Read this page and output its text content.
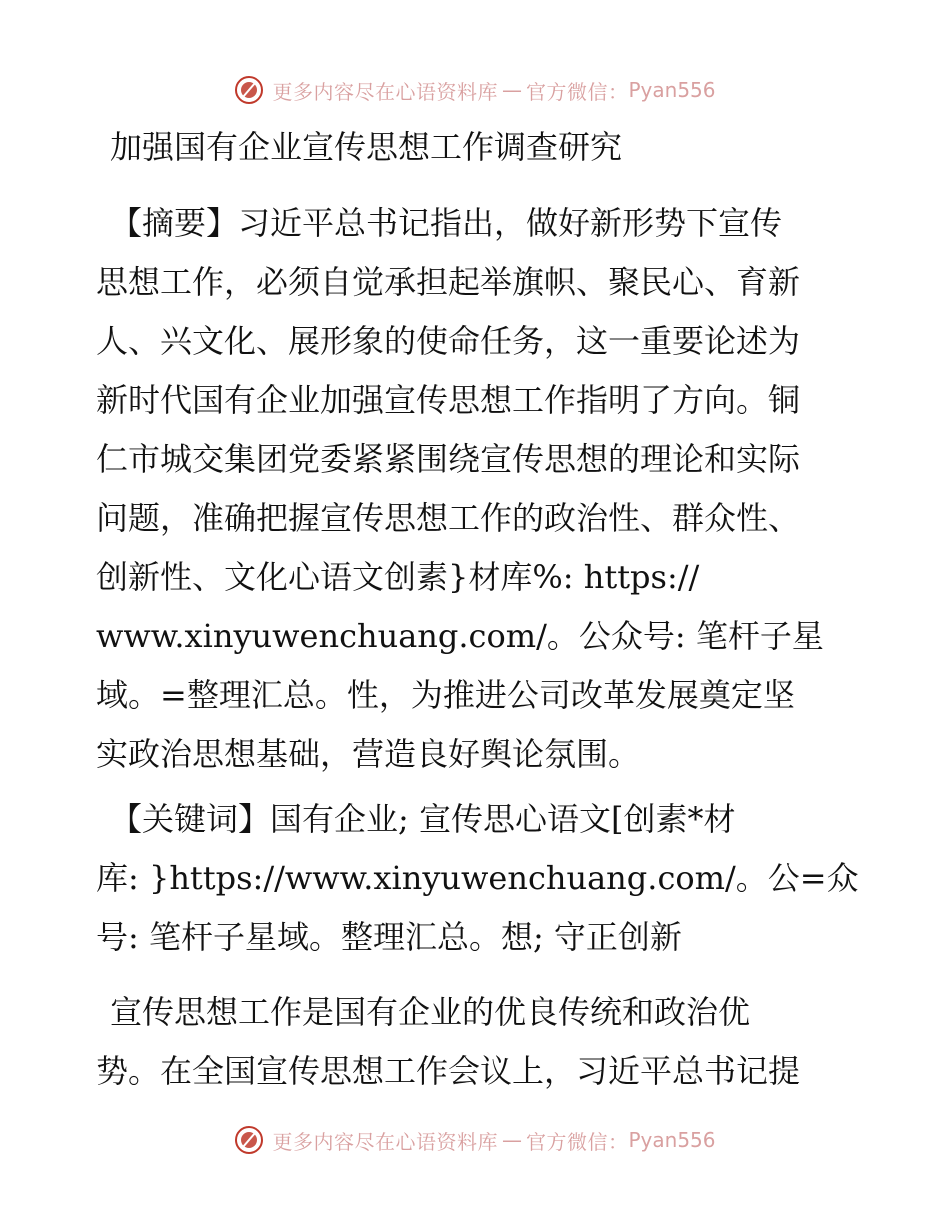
更多内容尽在心语资料库 — 官方微信： Pyan556
加强国有企业宣传思想工作调查研究
【摘要】习近平总书记指出，做好新形势下宣传
思想工作，必须自觉承担起举旗帜、聚民心、育新
人、兴文化、展形象的使命任务，这一重要论述为
新时代国有企业加强宣传思想工作指明了方向。铜
仁市城交集团党委紧紧围绕宣传思想的理论和实际
问题，准确把握宣传思想工作的政治性、群众性、
创新性、文化心语文创素}材库%: https://
www.xinyuwenchuang.com/。公众号: 笔杆子星
域。=整理汇总。性，为推进公司改革发展奠定坚
实政治思想基础，营造良好舆论氛围。
【关键词】国有企业; 宣传思心语文[创素*材
库: }https://www.xinyuwenchuang.com/。公=众
号: 笔杆子星域。整理汇总。想; 守正创新
宣传思想工作是国有企业的优良传统和政治优
势。在全国宣传思想工作会议上，习近平总书记提
更多内容尽在心语资料库 — 官方微信： Pyan556
